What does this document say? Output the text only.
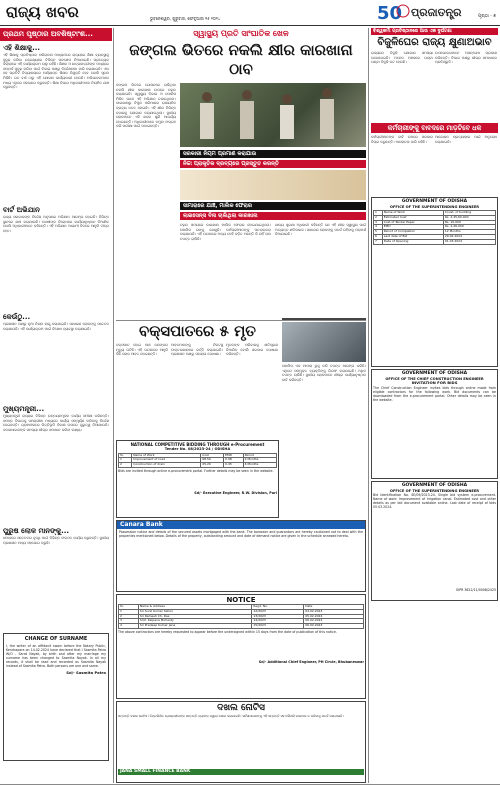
ରାଜ୍ୟ ଖବର	ଭୁବନେଶ୍ୱର, ଗୁରୁବାର, ଫେବୃଆରୀ ୧୫ ୨୦୨୪	50 ପ୍ରଜାତନ୍ତ୍ର	ପୃଷ୍ଠା - ୭
ପ୍ରଥମ ପୃଷ୍ଠାର ଅବଶିଷ୍ଟାଂଶ...
ଏହି ଶିକ୍ଷାକୁ...
ଏହି ଶିକ୍ଷାକୁ ପ୍ରତିଷ୍ଠାର ପରିଚାଳନା ମାଧ୍ୟମରେ ରାଜ୍ୟରେ ଶିକ୍ଷା ବ୍ୟବସ୍ଥାକୁ ସୁଦୃଢ଼ କରିବା ଉଦ୍ଦେଶ୍ୟରେ ବିଭିନ୍ନ ପଦକ୍ଷେପ ନିଆଯାଇଛି। ପ୍ରତ୍ୟେକ ଜିଲ୍ଲାରେ ଏହି କାର୍ଯ୍ୟକ୍ରମ ଚାଲୁ ରହିଛି। ଶିକ୍ଷକ ଓ ଛାତ୍ରଛାତ୍ରୀଙ୍କ ମଧ୍ୟରେ ସମ୍ପର୍କ ସୁଦୃଢ଼ କରିବା ପାଇଁ ବିଭାଗ ପକ୍ଷରୁ ନିର୍ଦ୍ଦେଶନାମା ଜାରି କରାଯାଇଛି। ଏହା ସହ ପ୍ରତିଟି ବିଦ୍ୟାଳୟରେ ପର୍ଯ୍ୟାପ୍ତ ଶିକ୍ଷକ ନିଯୁକ୍ତି ହେବ ବୋଲି ସୂଚନା ମିଳିଛି। ଗତ ବର୍ଷ ଠାରୁ ଏହି ଯୋଜନା କାର୍ଯ୍ୟକାରୀ ହେଉଛି। ଅଭିଭାବକମାନେ ମଧ୍ୟ ଏଥିରେ ସହଯୋଗ କରୁଛନ୍ତି। ଶିକ୍ଷା ବିଭାଗ ଅଧିକାରୀମାନେ ନିୟମିତ ଯାଞ୍ଚ କରୁଛନ୍ତି।
ବାର୍ଟ ଅଭିଯାନ
ରାଜ୍ୟ ସରକାରଙ୍କ ନିର୍ଦ୍ଦେଶ ଅନୁସାରେ ଅଭିଯାନ ଆରମ୍ଭ ହୋଇଛି। ବିଭିନ୍ନ ସ୍ଥାନରେ ଯାଞ୍ଚ କରାଯାଉଛି। ଦୋଷୀଙ୍କ ବିରୋଧରେ କାର୍ଯ୍ୟାନୁଷ୍ଠାନ ନିଆଯିବ ବୋଲି ଅଧିକାରୀମାନେ କହିଛନ୍ତି। ଏହି ଅଭିଯାନ ଆଗାମୀ ଦିନରେ ଆହୁରି ତୀବ୍ର ହେବ।
କେଉଁଠୁ...
ପ୍ରଶାସନ ପକ୍ଷରୁ ନୂଆ ନିୟମ ଲାଗୁ କରାଯାଇଛି। ସାଧାରଣ ଲୋକଙ୍କୁ ସଚେତନ କରାଯାଉଛି। ଏହି କାର୍ଯ୍ୟକ୍ରମ ପାଇଁ ବିଶେଷ ବ୍ୟବସ୍ଥା କରାଯାଇଛି।
ମୁଖ୍ୟମନ୍ତ୍ରୀ...
ମୁଖ୍ୟମନ୍ତ୍ରୀ ରାଜ୍ୟର ବିଭିନ୍ନ ଉନ୍ନୟନମୂଳକ କାର୍ଯ୍ୟ ସମୀକ୍ଷା କରିଛନ୍ତି। ସମସ୍ତ ବିଭାଗକୁ ସମୟସୀମା ମଧ୍ୟରେ କାର୍ଯ୍ୟ ସମ୍ପୂର୍ଣ୍ଣ କରିବାକୁ ନିର୍ଦ୍ଦେଶ ଦେଇଛନ୍ତି। ଗ୍ରାମାଞ୍ଚଳରେ ଭିତ୍ତିଭୂମି ବିକାଶ ଉପରେ ଗୁରୁତ୍ୱ ଦିଆଯାଉଛି। ଜନସାଧାରଣଙ୍କ ସମସ୍ୟା ଶୀଘ୍ର ସମାଧାନ କରିବା ଲକ୍ଷ୍ୟ।
ପୁରୁଷ ଲୋକ ମାନଙ୍କୁ...
ସମାଜରେ ସଚେତନତା ବୃଦ୍ଧି ପାଇଁ ବିଭିନ୍ନ ସଂଗଠନ କାର୍ଯ୍ୟ କରୁଛନ୍ତି। ସ୍ଥାନୀୟ ପ୍ରଶାସନ ମଧ୍ୟ ସହଯୋଗ କରୁଛି।
CHANGE OF SURNAME
I, the writer of an affidavit sworn before the Notary Public, Kendrapara on 14.02.2024 have declared that I Sasmita Patra W/O - Sarat Nayak, by birth and after my marriage my surname has been changed to Sasmita Nayak. In all my records, it shall be read and recorded as Sasmita Nayak instead of Sasmita Patra. Both persons are one and same.
Sd/- Sasmita Patra
ସ୍ୱାସ୍ଥ୍ୟ ପ୍ରତି ସାଂଘାତିକ ଖେଳ
ଜଙ୍ଗଲ ଭିତରେ ନକଲି କ୍ଷୀର କାରଖାନା ଠାବ
ଜଙ୍ଗଲ ଭିତରେ ଗୋପନରେ ଚାଲିଥିବା ନକଲି କ୍ଷୀର କାରଖାନା ଉପରେ ଚଢ଼ଉ କରାଯାଇଛି। ସ୍ୱାସ୍ଥ୍ୟ ବିଭାଗ ଓ ପୋଲିସ ମିଳିତ ଭାବେ ଏହି ଅଭିଯାନ ଚଳାଇଥିଲେ। କାରଖାନାରୁ ବିପୁଳ ପରିମାଣର ରାସାୟନିକ ଦ୍ରବ୍ୟ ଜବତ ହୋଇଛି। ଏହି କ୍ଷୀର ବିଭିନ୍ନ ବଜାରକୁ ଯୋଗାଣ କରାଯାଉଥିଲା। ସ୍ଥାନୀୟ ଲୋକମାନେ ଏହି ଖବର ଶୁଣି ଆଶ୍ଚର୍ଯ୍ୟ ହୋଇଛନ୍ତି। ଅଧିକାରୀମାନେ ନମୁନା ସଂଗ୍ରହ କରି ପରୀକ୍ଷା ପାଇଁ ପଠାଇଛନ୍ତି।
ସରକାରୀ ନିୟମ ପ୍ରମାଣ କରାଯାଉ
ନିଚ୍ଚା ପ୍ରାକୃତିକ ଦ୍ରବ୍ୟରେ ପ୍ରସ୍ତୁତ କରନ୍ତି
ସୀମାରାରେ ଯାଞ୍ଚ, ମାଲିକ ଫେରାର
ଲାଇସେନ୍ସ ବିନା ଚାଲିଥିଲା କାରଖାନା
ଚଢ଼ଉ ସମୟରେ କାରଖାନା ମାଲିକ ଫେରାର ହୋଇଯାଇଥିଲେ। ପୋଲିସ ତାଙ୍କୁ ଖୋଜୁଛି। କର୍ମଚାରୀମାନଙ୍କୁ ପଚରାଉଚରା କରାଯାଉଛି। ଏହି ଘଟଣାରେ ଅନ୍ୟ କେହି ଜଡ଼ିତ ଅଛନ୍ତି କି ନାହିଁ ତାହା ତଦନ୍ତ ଚାଲିଛି।
ଖାଦ୍ୟ ସୁରକ୍ଷା ଅଧିକାରୀ କହିଛନ୍ତି ଯେ ଏହି କ୍ଷୀର ସ୍ୱାସ୍ଥ୍ୟ ପାଇଁ ଅତ୍ୟନ୍ତ କ୍ଷତିକାରକ। ସାଧାରଣ ଲୋକଙ୍କୁ ସତର୍କ ରହିବାକୁ ପରାମର୍ଶ ଦିଆଯାଇଛି।
ବକ୍ସପାତରେ ୫ ମୃତ
ବକ୍ସପାତ ହୋଇ ପାଞ୍ଚ ଜଣଙ୍କର ମୃତ୍ୟୁ ଘଟିଛି। ଏହି ଘଟଣାରେ ଆହୁରି କିଛି ଲୋକ ଆହତ ହୋଇଛନ୍ତି।
ଆହତମାନଙ୍କୁ ନିକଟସ୍ଥ ଡାକ୍ତରଖାନାରେ ଭର୍ତ୍ତି କରାଯାଇଛି। ପ୍ରଶାସନ ପକ୍ଷରୁ ସହାୟତା ଘୋଷଣା।
ମୃତକଙ୍କ ପରିବାରକୁ କ୍ଷତିପୂରଣ ଦିଆଯିବ ବୋଲି ସରକାର ଘୋଷଣା କରିଛନ୍ତି।
NATIONAL COMPETITIVE BIDDING THROUGH e-Procurement
Tender No. 08/2023-24 / ODISHA
Sl.	Name of Work	Cost	EMD	Period
1	Improvement of road	98.50	0.98	9 Months
2	Construction of drain	45.20	0.45	6 Months
Bids are invited through online e-procurement portal. Further details may be seen in the website.
Sd/- Executive Engineer, R.W. Division, Puri
ପୋଲିସ ଏକ ମାମଲା ରୁଜୁ କରି ତଦନ୍ତ ଆରମ୍ଭ କରିଛି। ଏଥିରେ ସମ୍ପୃକ୍ତ ବ୍ୟକ୍ତିଙ୍କୁ ଗିରଫ କରାଯାଇଛି। ଅଧିକ ତଦନ୍ତ ଚାଲିଛି। ସ୍ଥାନୀୟ ଲୋକମାନେ ଶୀଘ୍ର କାର୍ଯ୍ୟାନୁଷ୍ଠାନ ଦାବି କରିଛନ୍ତି।
Canara Bank
Possession notice and details of the secured assets mortgaged with the bank. The borrower and guarantors are hereby cautioned not to deal with the properties mentioned below. Details of the property, outstanding amount and date of demand notice are given in the schedule annexed hereto.
NOTICE
Sl.	Name & Address	Regd. No.	Date
1	Sri Sunil Kumar Sahoo	12/2023	04.02.2024
2	Sri Ramesh Ch. Das	13/2023	05.02.2024
3	Smt. Kalpana Mohanty	14/2023	06.02.2024
4	Sri Pradeep Kumar Jena	15/2023	06.02.2024
The above contractors are hereby requested to appear before the undersigned within 15 days from the date of publication of this notice.
Sd/- Additional Chief Engineer, PH Circle, Bhubaneswar
ବିଶ୍ୱକର୍ମା ପ୍ରତିଷ୍ଠାନରେ ଆଉ ଏକ ଦୁର୍ଘଟଣା
ବିଜୁଳିଘେର ରାଜ୍ୟ କ୍ଷୁଣାଅଭାବ
ରାଜ୍ୟରେ ବିଜୁଳି ଯୋଗାଣ ସମସ୍ୟା ଦେଖାଦେଇଛି। ଅନେକ ଅଞ୍ଚଳରେ ଘଣ୍ଟା ଘଣ୍ଟା ବିଜୁଳି କଟ ହେଉଛି।
ଉପଭୋକ୍ତାମାନେ ଅସନ୍ତୋଷ ପ୍ରକାଶ କରିଛନ୍ତି। ବିଭାଗ ପକ୍ଷରୁ ଶୀଘ୍ର ସମାଧାନର ପ୍ରତିଶ୍ରୁତି।
କର୍ମଚାରୀଙ୍କୁ ବାବଦରେ ମାଡ଼ଟିବେ ଧକ
କର୍ମଚାରୀମାନଙ୍କ ଦାବି ଉପରେ ସରକାର ବିଚାର କରୁଛନ୍ତି। ଆଲୋଚନା ଜାରି ରହିଛି।
ଆନ୍ଦୋଳନ ପ୍ରତ୍ୟାହାର ପାଇଁ ଅନୁରୋଧ କରାଯାଇଛି।
GOVERNMENT OF ODISHA
OFFICE OF THE SUPERINTENDING ENGINEER
1	Name of Work	Const. of building
2	Estimated Cost	Rs. 2,45,60,000
3	Cost of Tender Paper	Rs. 10,000
4	EMD	Rs. 2,46,000
5	Period of Completion	12 Months
6	Last date of Bid	29.02.2024
7	Date of Opening	01.03.2024
GOVERNMENT OF ODISHA
OFFICE OF THE CHIEF CONSTRUCTION ENGINEER
INVITATION FOR BIDS
The Chief Construction Engineer invites bids through online mode from eligible contractors for the following work. Bid documents can be downloaded from the e-procurement portal. Other details may be seen in the website.
GOVERNMENT OF ODISHA
OFFICE OF THE SUPERINTENDING ENGINEER
Bid Identification No. SE/09/2023-24. Single bid system e-procurement. Name of work: Improvement of irrigation canal. Estimated cost and other details as per bid document available online. Last date of receipt of bids 05.03.2024.
OIPR 3622/11/0008/2425
ଦଖଲ ନୋଟିସ
ସମ୍ପତ୍ତି ଦଖଲ ନୋଟିସ। ନିମ୍ନଲିଖିତ ଋଣଗ୍ରହୀତାଙ୍କ ସମ୍ପତ୍ତି ବ୍ୟାଙ୍କ ଦ୍ୱାରା ଦଖଲ କରାଯାଇଛି। ସର୍ବସାଧାରଣଙ୍କୁ ଏହି ସମ୍ପତ୍ତି ସହ କୌଣସି କାରବାର ନ କରିବାକୁ ସତର୍କ କରାଯାଉଛି।
JANA SMALL FINANCE BANK
